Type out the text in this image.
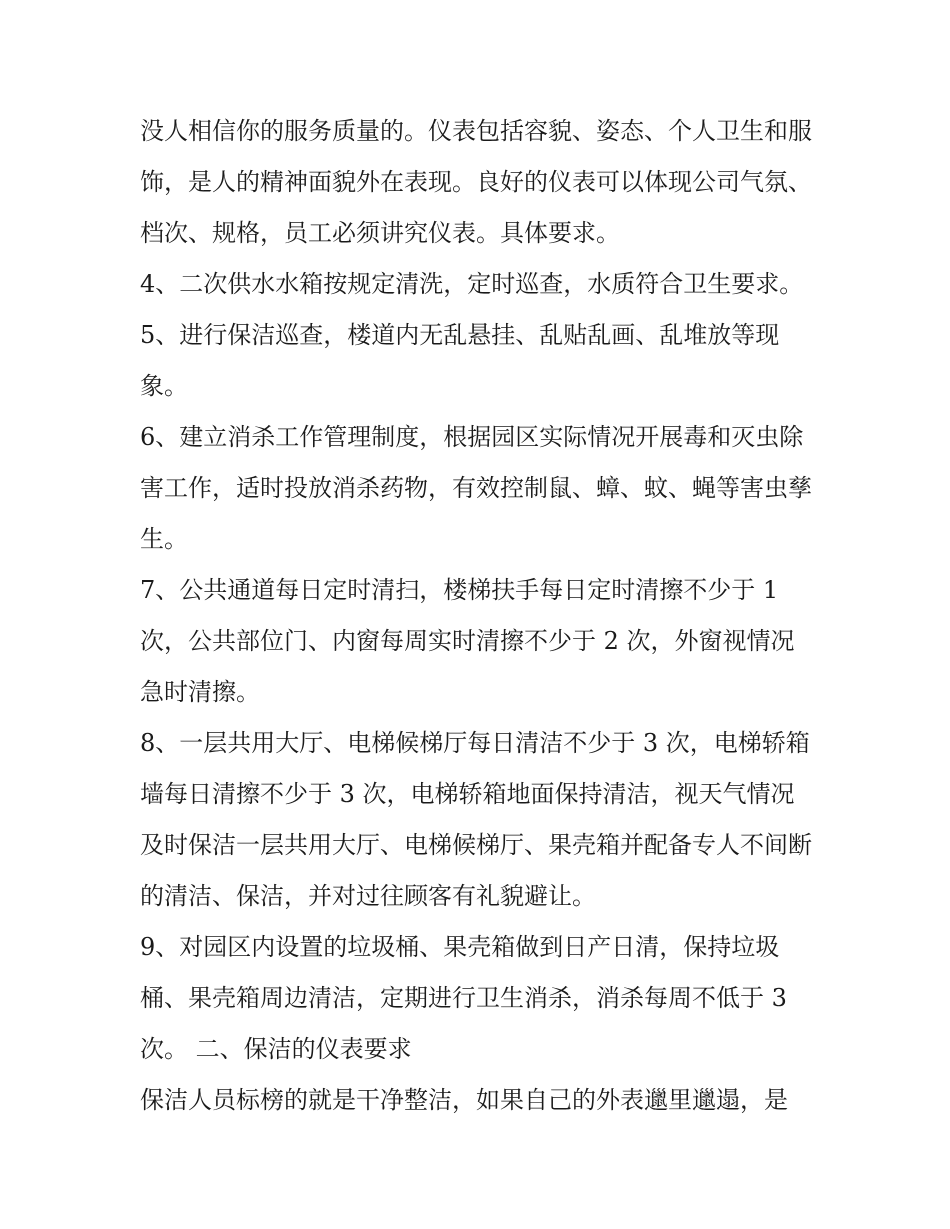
没人相信你的服务质量的。仪表包括容貌、姿态、个人卫生和服饰，是人的精神面貌外在表现。良好的仪表可以体现公司气氛、档次、规格，员工必须讲究仪表。具体要求。

4、二次供水水箱按规定清洗，定时巡查，水质符合卫生要求。 5、进行保洁巡查，楼道内无乱悬挂、乱贴乱画、乱堆放等现象。

6、建立消杀工作管理制度，根据园区实际情况开展毒和灭虫除害工作，适时投放消杀药物，有效控制鼠、蟑、蚊、蝇等害虫孳生。

7、公共通道每日定时清扫，楼梯扶手每日定时清擦不少于 1 次，公共部位门、内窗每周实时清擦不少于 2 次，外窗视情况急时清擦。

8、一层共用大厅、电梯候梯厅每日清洁不少于 3 次，电梯轿箱墙每日清擦不少于 3 次，电梯轿箱地面保持清洁，视天气情况及时保洁一层共用大厅、电梯候梯厅、果壳箱并配备专人不间断的清洁、保洁，并对过往顾客有礼貌避让。

9、对园区内设置的垃圾桶、果壳箱做到日产日清，保持垃圾桶、果壳箱周边清洁，定期进行卫生消杀，消杀每周不低于 3 次。 二、保洁的仪表要求

保洁人员标榜的就是干净整洁，如果自己的外表邋里邋遢，是
